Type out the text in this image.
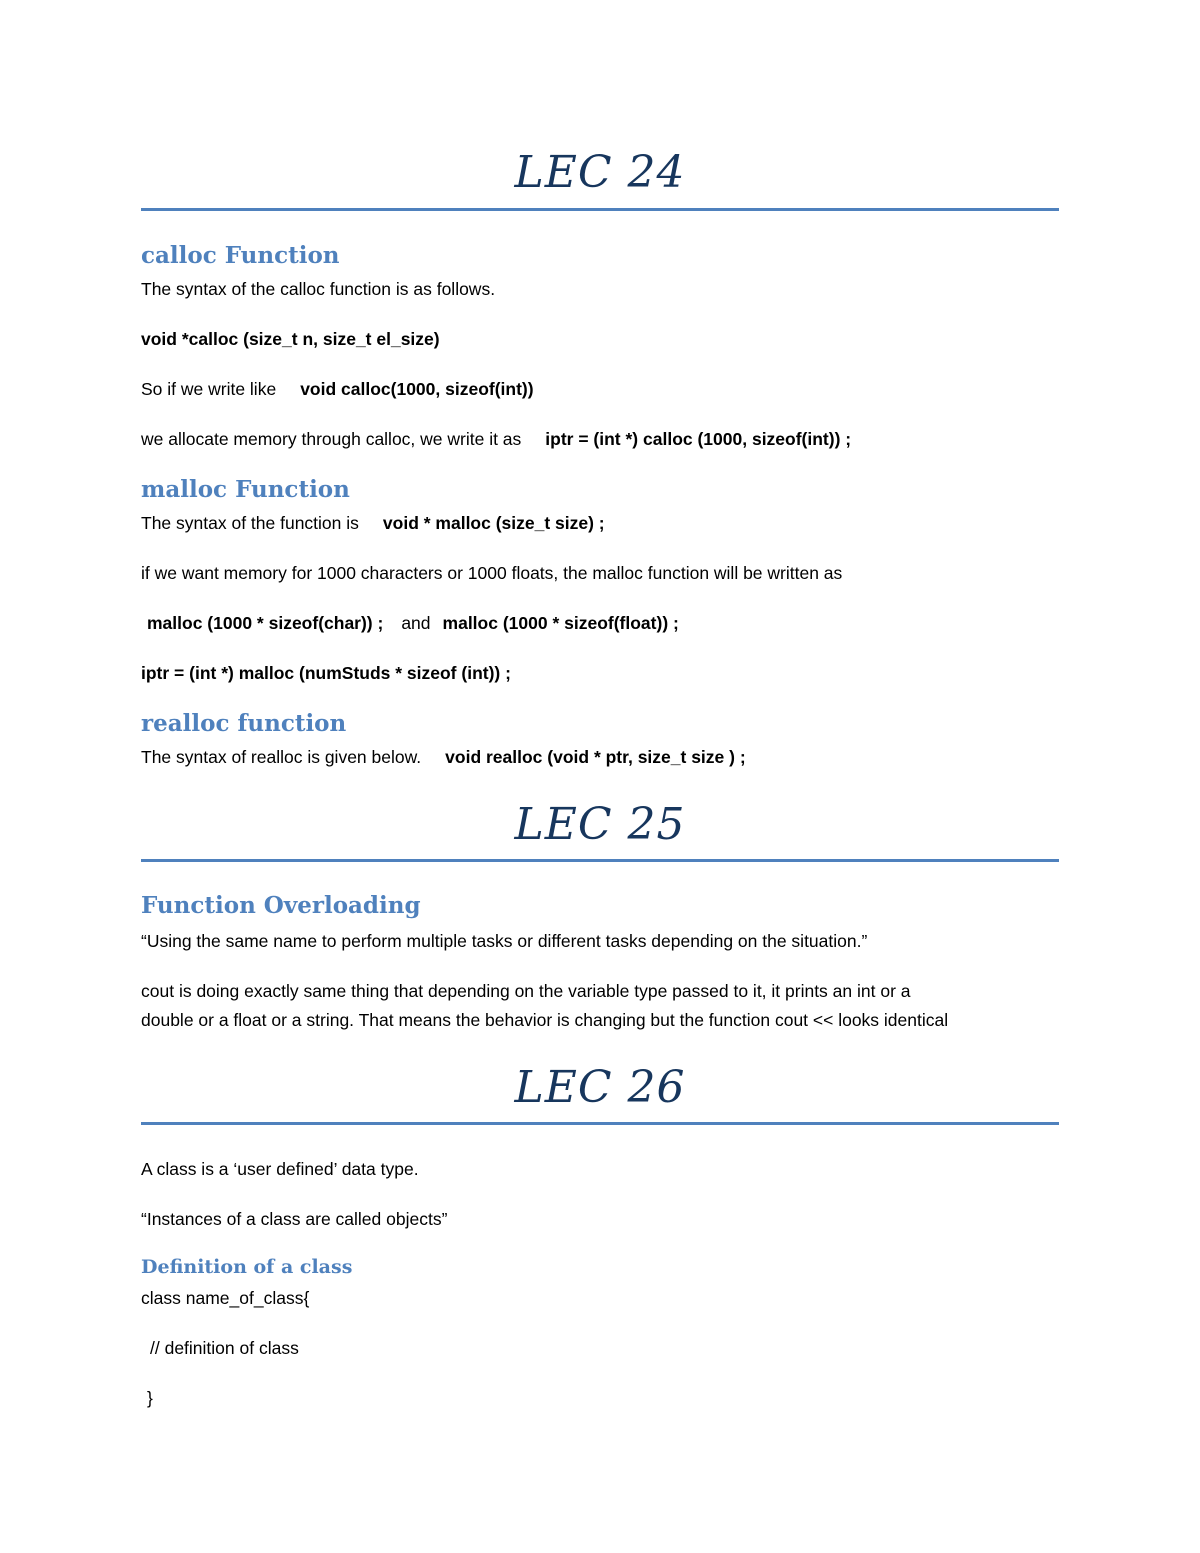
LEC 24
calloc Function
The syntax of the calloc function is as follows.
void *calloc (size_t n, size_t el_size)
So if we write like void calloc(1000, sizeof(int))
we allocate memory through calloc, we write it as iptr = (int *) calloc (1000, sizeof(int)) ;
malloc Function
The syntax of the function is void * malloc (size_t size) ;
if we want memory for 1000 characters or 1000 floats, the malloc function will be written as
malloc (1000 * sizeof(char)) ; and malloc (1000 * sizeof(float)) ;
iptr = (int *) malloc (numStuds * sizeof (int)) ;
realloc function
The syntax of realloc is given below. void realloc (void * ptr, size_t size ) ;
LEC 25
Function Overloading
“Using the same name to perform multiple tasks or different tasks depending on the situation.”
cout is doing exactly same thing that depending on the variable type passed to it, it prints an int or a
double or a float or a string. That means the behavior is changing but the function cout << looks identical
LEC 26
A class is a ‘user defined’ data type.
“Instances of a class are called objects”
Definition of a class
class name_of_class{
// definition of class
}
